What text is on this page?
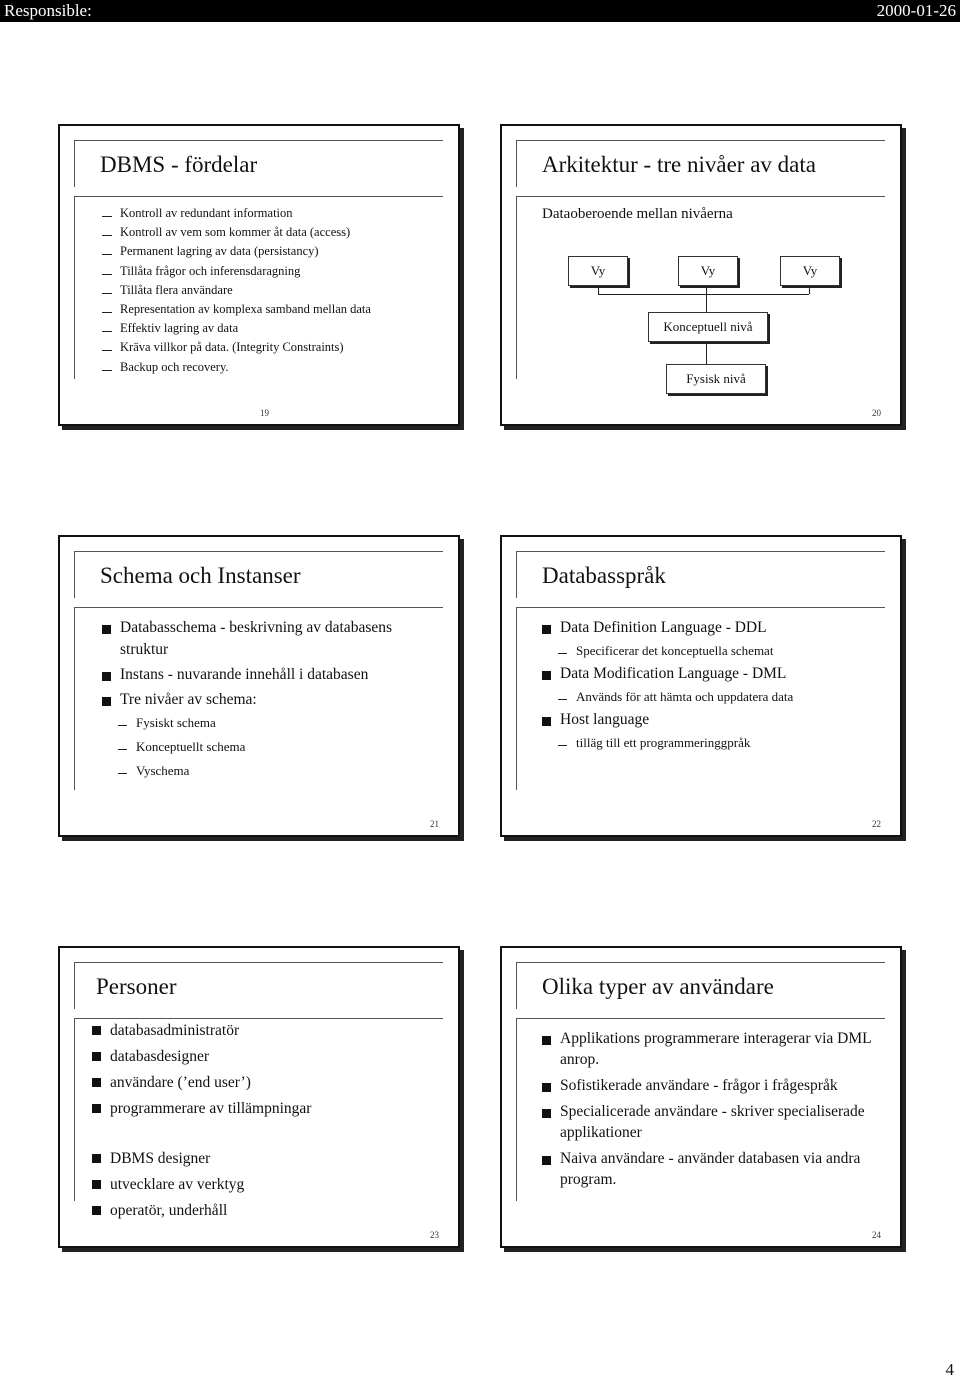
Responsible:	2000-01-26
DBMS - fördelar
Kontroll av redundant information
Kontroll av vem som kommer åt data (access)
Permanent lagring av data (persistancy)
Tillåta frågor och inferensdaragning
Tillåta flera användare
Representation av komplexa samband mellan data
Effektiv lagring av data
Kräva villkor på data. (Integrity Constraints)
Backup och recovery.
19
Arkitektur - tre nivåer av data
Dataoberoende mellan nivåerna
Vy	Vy	Vy
Konceptuell nivå
Fysisk nivå
20
Schema och Instanser
Databasschema - beskrivning av databasens struktur
Instans - nuvarande innehåll i databasen
Tre nivåer av schema:
Fysiskt schema
Konceptuellt schema
Vyschema
21
Databasspråk
Data Definition Language - DDL
Specificerar det konceptuella schemat
Data Modification Language - DML
Används för att hämta och uppdatera data
Host language
tilläg till ett programmeringgpråk
22
Personer
databasadministratör
databasdesigner
användare (’end user’)
programmerare av tillämpningar
DBMS designer
utvecklare av verktyg
operatör, underhåll
23
Olika typer av användare
Applikations programmerare interagerar via DML anrop.
Sofistikerade användare - frågor i frågespråk
Specialicerade användare - skriver specialiserade applikationer
Naiva användare - använder databasen via andra program.
24
4
